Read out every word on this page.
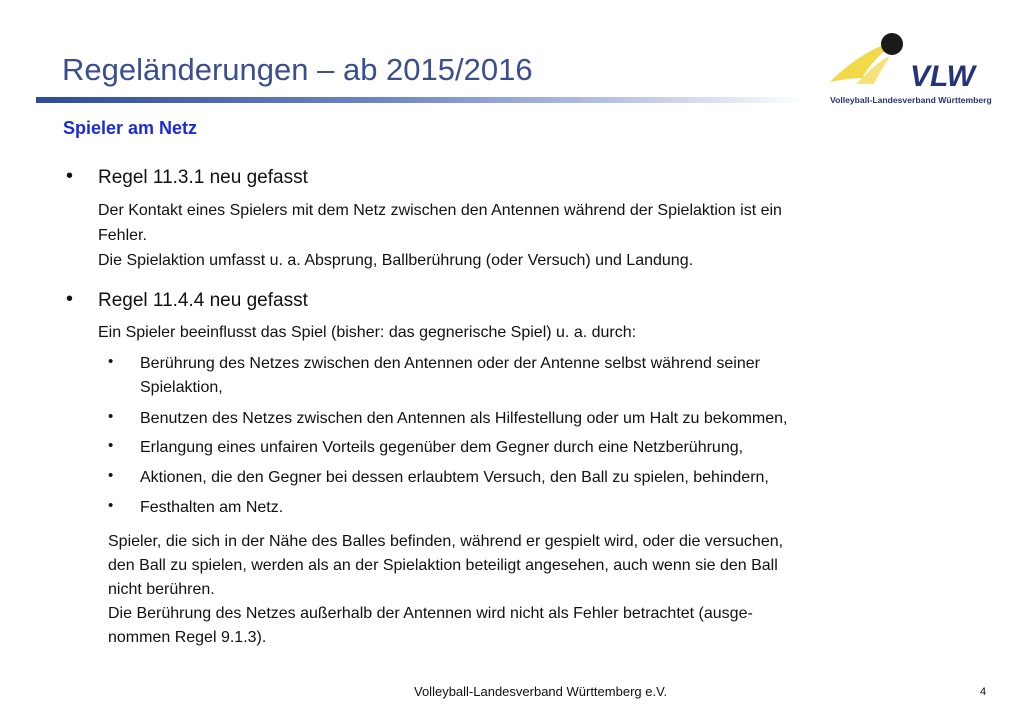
Regeländerungen – ab 2015/2016	VLW
Volleyball-Landesverband Württemberg
Spieler am Netz
• Regel 11.3.1 neu gefasst
Der Kontakt eines Spielers mit dem Netz zwischen den Antennen während der Spielaktion ist ein
Fehler.
Die Spielaktion umfasst u. a. Absprung, Ballberührung (oder Versuch) und Landung.
• Regel 11.4.4 neu gefasst
Ein Spieler beeinflusst das Spiel (bisher: das gegnerische Spiel) u. a. durch:
• Berührung des Netzes zwischen den Antennen oder der Antenne selbst während seiner
Spielaktion,
• Benutzen des Netzes zwischen den Antennen als Hilfestellung oder um Halt zu bekommen,
• Erlangung eines unfairen Vorteils gegenüber dem Gegner durch eine Netzberührung,
• Aktionen, die den Gegner bei dessen erlaubtem Versuch, den Ball zu spielen, behindern,
• Festhalten am Netz.
Spieler, die sich in der Nähe des Balles befinden, während er gespielt wird, oder die versuchen,
den Ball zu spielen, werden als an der Spielaktion beteiligt angesehen, auch wenn sie den Ball
nicht berühren.
Die Berührung des Netzes außerhalb der Antennen wird nicht als Fehler betrachtet (ausge-
nommen Regel 9.1.3).
Volleyball-Landesverband Württemberg e.V.	4
